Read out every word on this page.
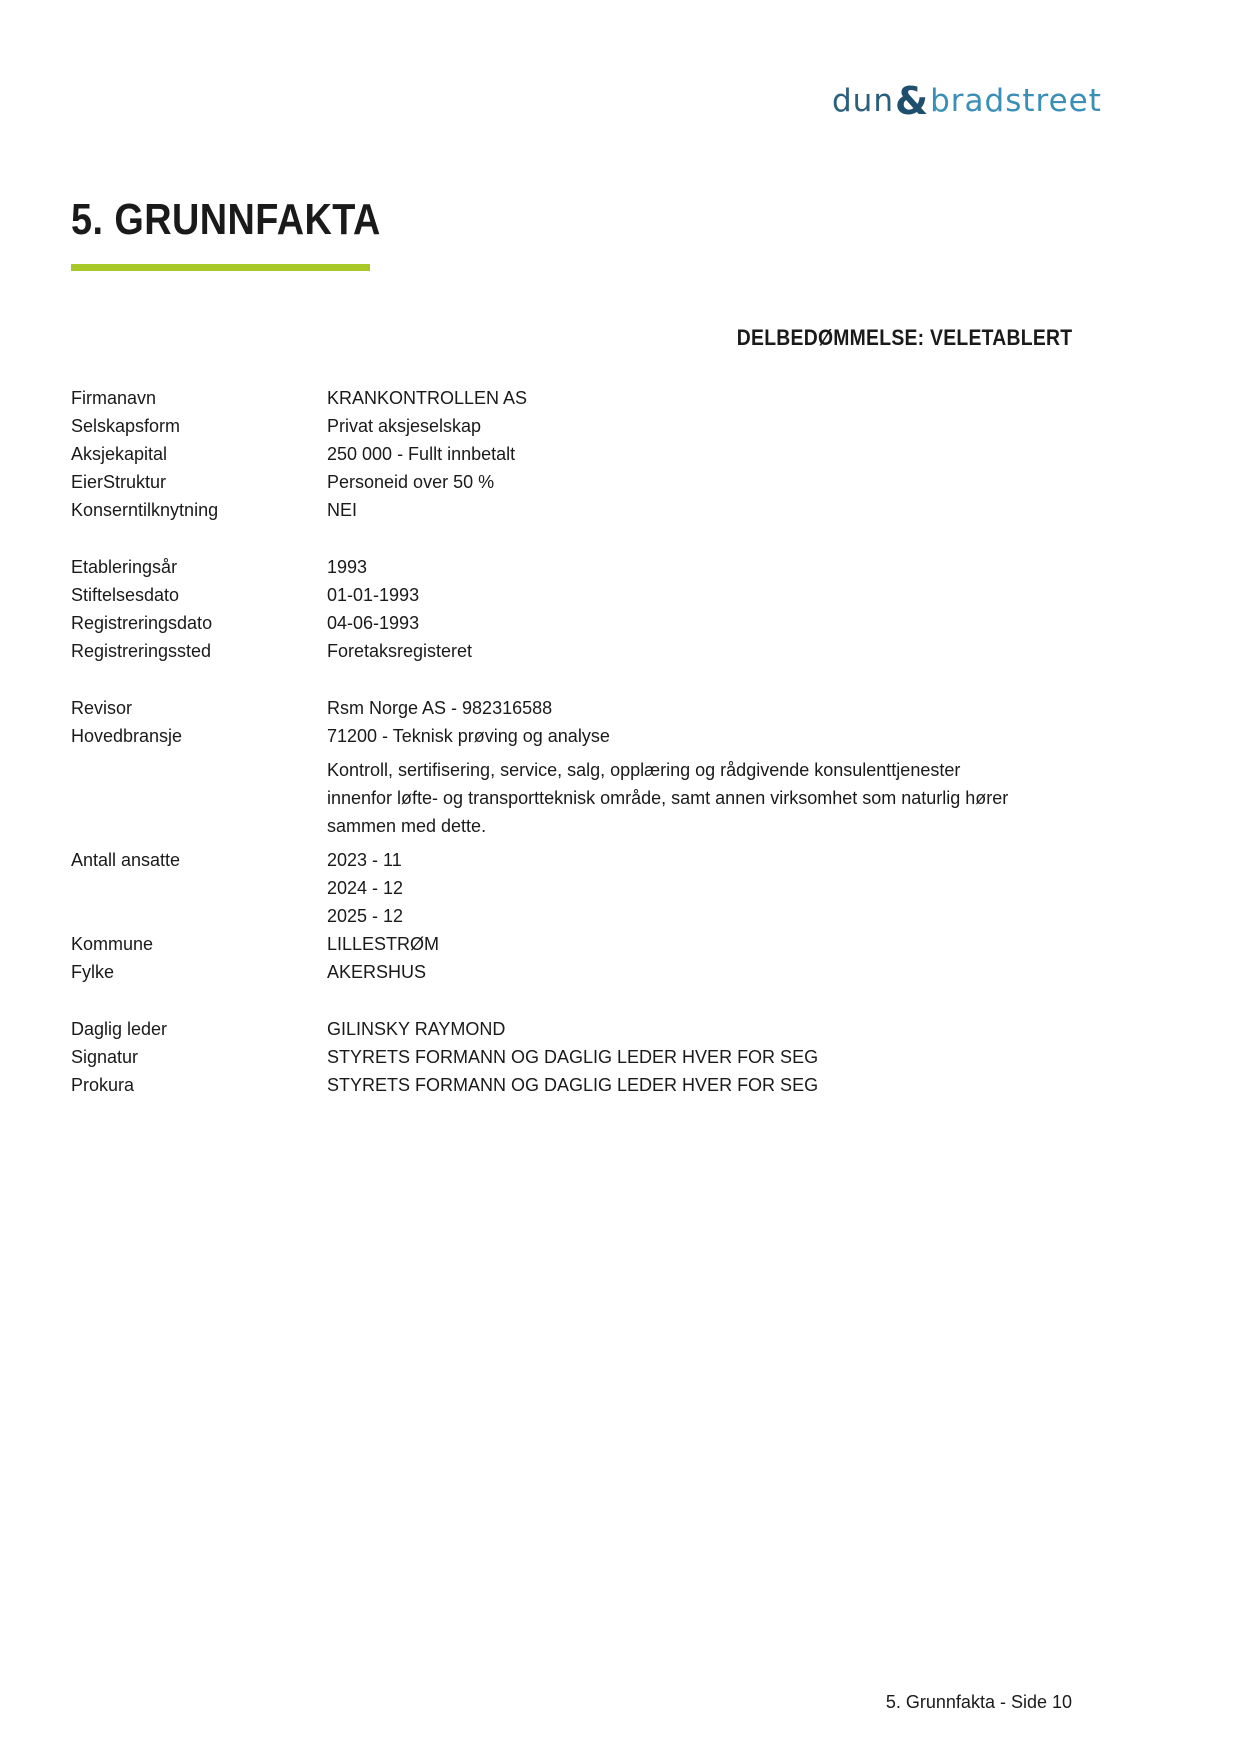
dun & bradstreet
5. GRUNNFAKTA
DELBEDØMMELSE: VELETABLERT
Firmanavn	KRANKONTROLLEN AS
Selskapsform	Privat aksjeselskap
Aksjekapital	250 000 - Fullt innbetalt
EierStruktur	Personeid over 50 %
Konserntilknytning	NEI
Etableringsår	1993
Stiftelsesdato	01-01-1993
Registreringsdato	04-06-1993
Registreringssted	Foretaksregisteret
Revisor	Rsm Norge AS - 982316588
Hovedbransje	71200 - Teknisk prøving og analyse
Kontroll, sertifisering, service, salg, opplæring og rådgivende konsulenttjenester
innenfor løfte- og transportteknisk område, samt annen virksomhet som naturlig hører
sammen med dette.
Antall ansatte	2023 - 11
2024 - 12
2025 - 12
Kommune	LILLESTRØM
Fylke	AKERSHUS
Daglig leder	GILINSKY RAYMOND
Signatur	STYRETS FORMANN OG DAGLIG LEDER HVER FOR SEG
Prokura	STYRETS FORMANN OG DAGLIG LEDER HVER FOR SEG
5. Grunnfakta - Side 10
